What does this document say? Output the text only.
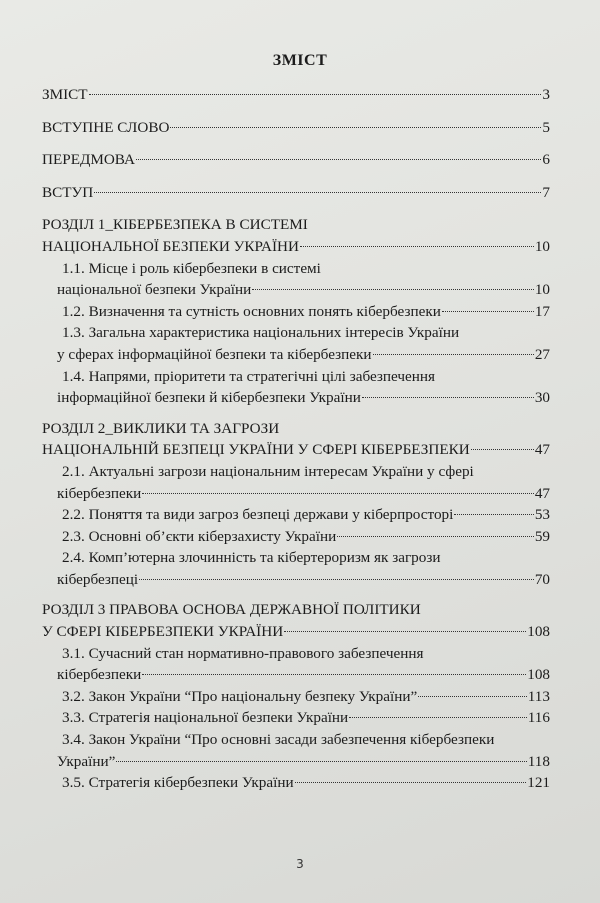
ЗМІСТ
ЗМІСТ	3
ВСТУПНЕ СЛОВО	5
ПЕРЕДМОВА	6
ВСТУП	7
РОЗДІЛ 1_КІБЕРБЕЗПЕКА В СИСТЕМІ
НАЦІОНАЛЬНОЇ БЕЗПЕКИ УКРАЇНИ	10
1.1. Місце і роль кібербезпеки в системі
національної безпеки України	10
1.2. Визначення та сутність основних понять кібербезпеки	17
1.3. Загальна характеристика національних інтересів України
у сферах інформаційної безпеки та кібербезпеки	27
1.4. Напрями, пріоритети та стратегічні цілі забезпечення
інформаційної безпеки й кібербезпеки України	30
РОЗДІЛ 2_ВИКЛИКИ ТА ЗАГРОЗИ
НАЦІОНАЛЬНІЙ БЕЗПЕЦІ УКРАЇНИ У СФЕРІ КІБЕРБЕЗПЕКИ	47
2.1. Актуальні загрози національним інтересам України у сфері
кібербезпеки	47
2.2. Поняття та види загроз безпеці держави у кіберпросторі	53
2.3. Основні об’єкти кіберзахисту України	59
2.4. Комп’ютерна злочинність та кібертероризм як загрози
кібербезпеці	70
РОЗДІЛ 3 ПРАВОВА ОСНОВА ДЕРЖАВНОЇ ПОЛІТИКИ
У СФЕРІ КІБЕРБЕЗПЕКИ УКРАЇНИ	108
3.1. Сучасний стан нормативно-правового забезпечення
кібербезпеки	108
3.2. Закон України “Про національну безпеку України”	113
3.3. Стратегія національної безпеки України	116
3.4. Закон України “Про основні засади забезпечення кібербезпеки
України”	118
3.5. Стратегія кібербезпеки України	121
3
